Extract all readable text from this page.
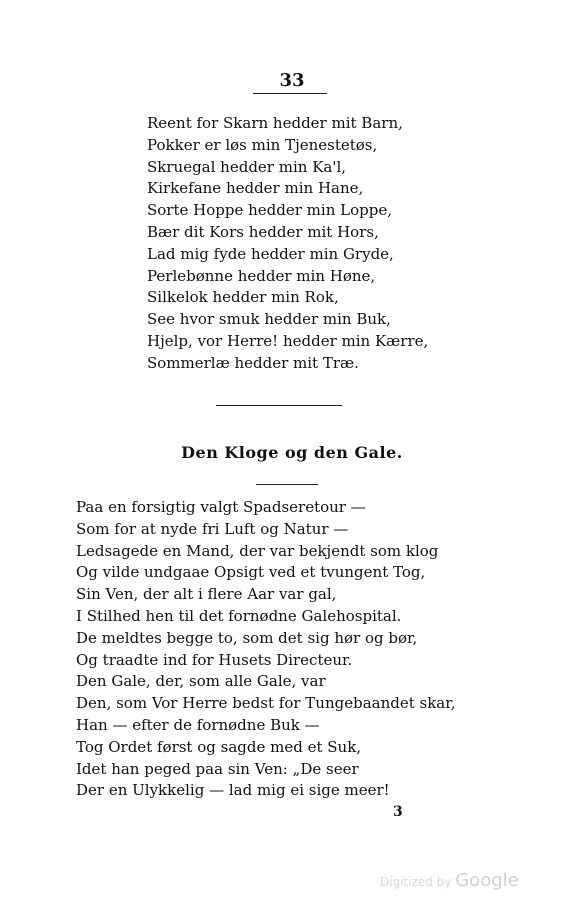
33
Reent for Skarn hedder mit Barn,
Pokker er løs min Tjenestetøs,
Skruegal hedder min Ka'l,
Kirkefane hedder min Hane,
Sorte Hoppe hedder min Loppe,
Bær dit Kors hedder mit Hors,
Lad mig fyde hedder min Gryde,
Perlebønne hedder min Høne,
Silkelok hedder min Rok,
See hvor smuk hedder min Buk,
Hjelp, vor Herre! hedder min Kærre,
Sommerlæ hedder mit Træ.
Den Kloge og den Gale.
Paa en forsigtig valgt Spadseretour —
Som for at nyde fri Luft og Natur —
Ledsagede en Mand, der var bekjendt som klog
Og vilde undgaae Opsigt ved et tvungent Tog,
Sin Ven, der alt i flere Aar var gal,
I Stilhed hen til det fornødne Galehospital.
De meldtes begge to, som det sig hør og bør,
Og traadte ind for Husets Directeur.
Den Gale, der, som alle Gale, var
Den, som Vor Herre bedst for Tungebaandet skar,
Han — efter de fornødne Buk —
Tog Ordet først og sagde med et Suk,
Idet han peged paa sin Ven: „De seer
Der en Ulykkelig — lad mig ei sige meer!
3
Digitized by Google
